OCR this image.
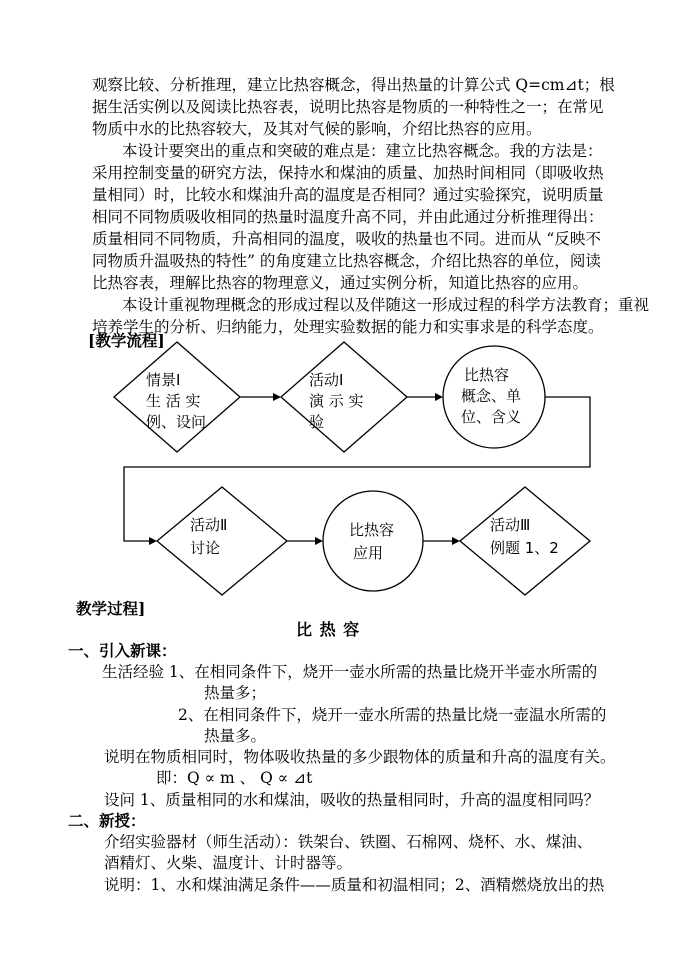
观察比较、分析推理，建立比热容概念，得出热量的计算公式 Q=cm⊿t；根
据生活实例以及阅读比热容表，说明比热容是物质的一种特性之一；在常见
物质中水的比热容较大，及其对气候的影响，介绍比热容的应用。
本设计要突出的重点和突破的难点是：建立比热容概念。我的方法是：
采用控制变量的研究方法，保持水和煤油的质量、加热时间相同（即吸收热
量相同）时，比较水和煤油升高的温度是否相同？通过实验探究，说明质量
相同不同物质吸收相同的热量时温度升高不同，并由此通过分析推理得出：
质量相同不同物质，升高相同的温度，吸收的热量也不同。进而从 “反映不
同物质升温吸热的特性” 的角度建立比热容概念，介绍比热容的单位，阅读
比热容表，理解比热容的物理意义，通过实例分析，知道比热容的应用。
本设计重视物理概念的形成过程以及伴随这一形成过程的科学方法教育；重视
培养学生的分析、归纳能力，处理实验数据的能力和实事求是的科学态度。
[教学流程]
情景Ⅰ
生 活 实
例、设问
活动Ⅰ
演 示 实
验
比热容
概念、单
位、含义
活动Ⅱ
讨论
比热容
应用
活动Ⅲ
例题 1、2
教学过程]
比 热 容
一、引入新课：
生活经验 1、在相同条件下，烧开一壶水所需的热量比烧开半壶水所需的
热量多；
2、在相同条件下，烧开一壶水所需的热量比烧一壶温水所需的
热量多。
说明在物质相同时，物体吸收热量的多少跟物体的质量和升高的温度有关。
即：Q ∝ m 、 Q ∝ ⊿t
设问 1、质量相同的水和煤油，吸收的热量相同时，升高的温度相同吗？
二、新授：
介绍实验器材（师生活动）：铁架台、铁圈、石棉网、烧杯、水、煤油、
酒精灯、火柴、温度计、计时器等。
说明：1、水和煤油满足条件——质量和初温相同；2、酒精燃烧放出的热
